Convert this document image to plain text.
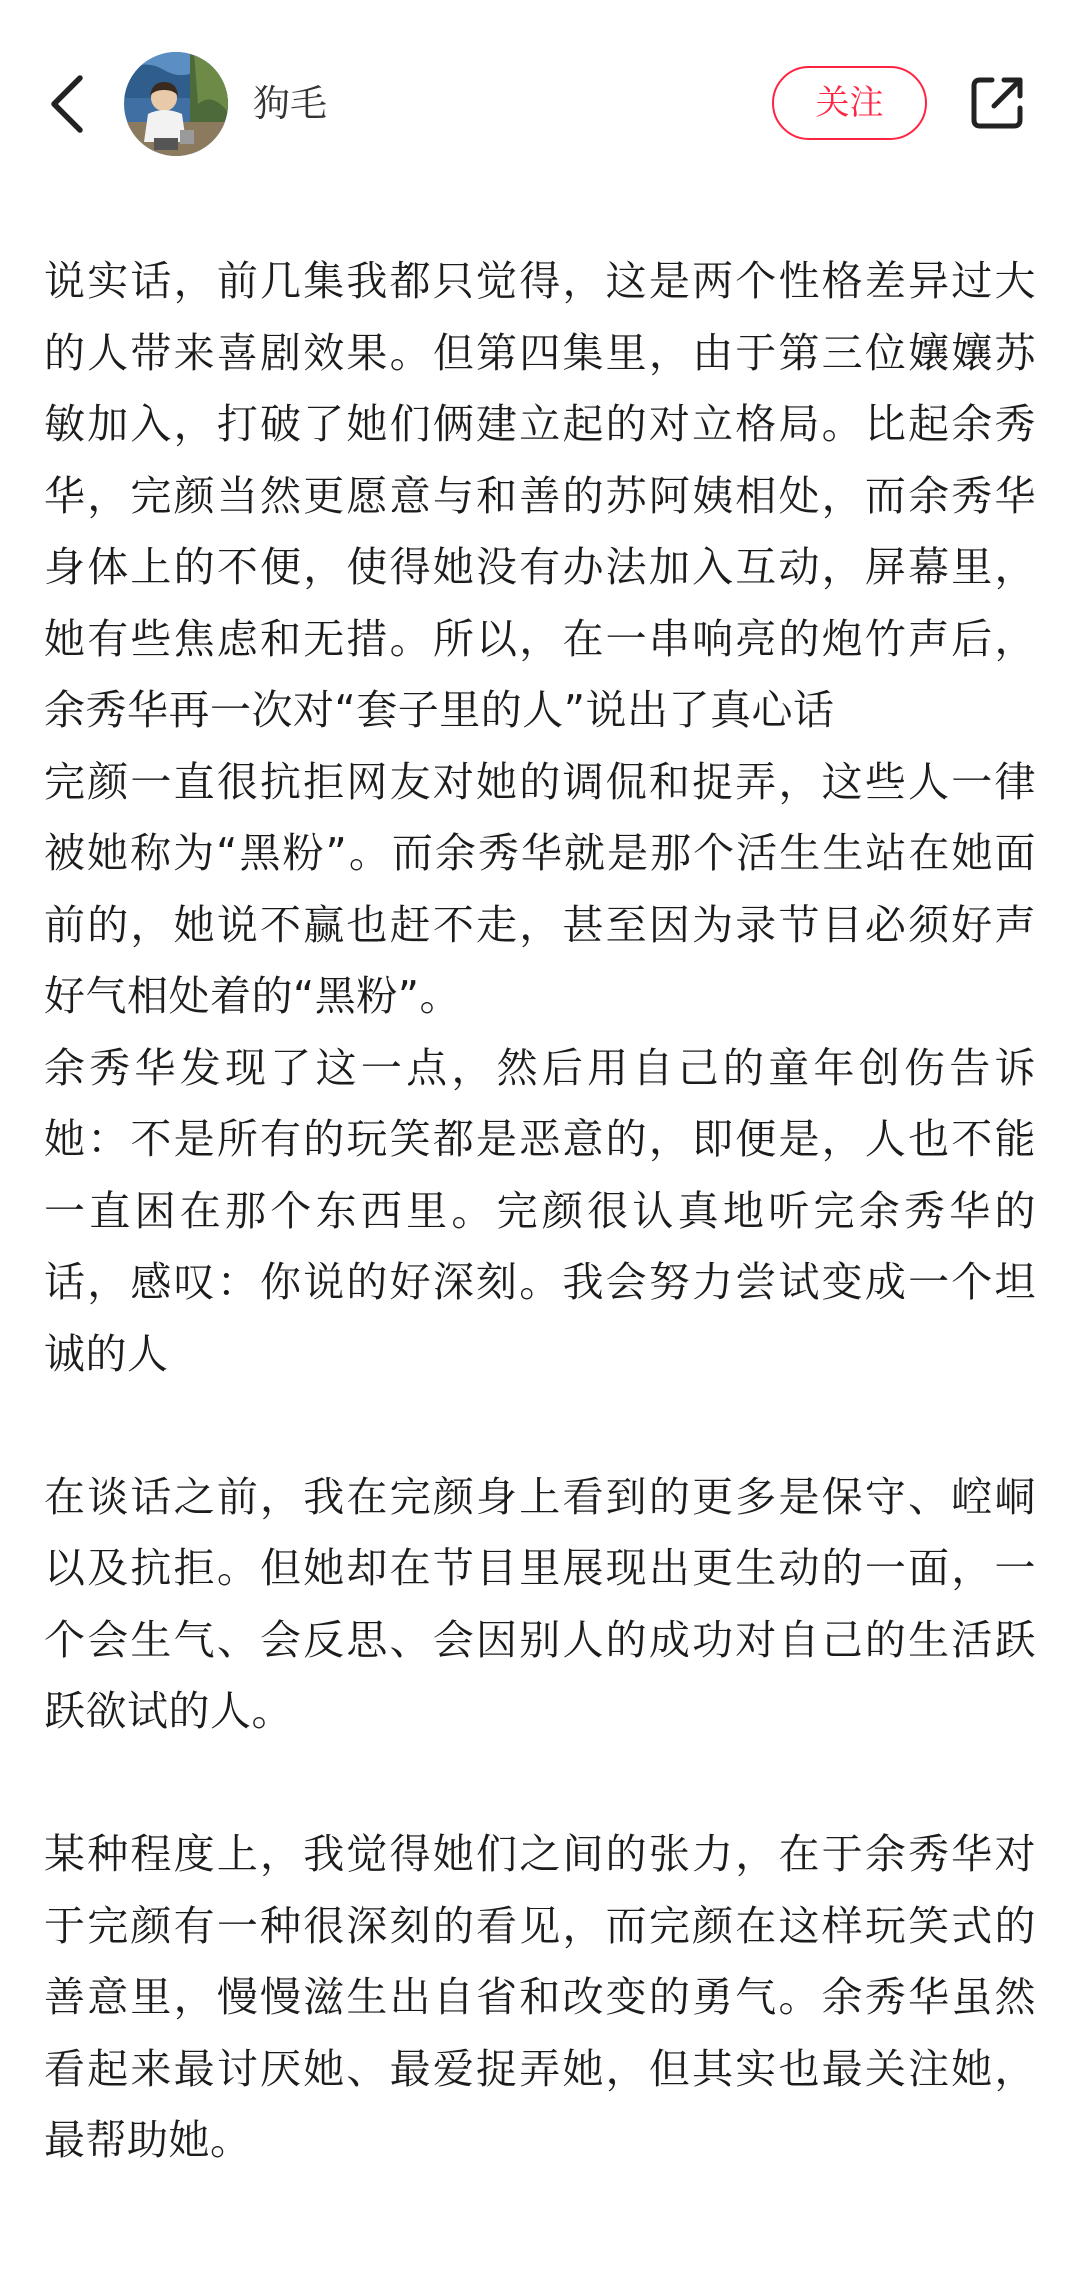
狗毛	关注

说实话，前几集我都只觉得，这是两个性格差异过大的人带来喜剧效果。但第四集里，由于第三位孃孃苏敏加入，打破了她们俩建立起的对立格局。比起余秀华，完颜当然更愿意与和善的苏阿姨相处，而余秀华身体上的不便，使得她没有办法加入互动，屏幕里，她有些焦虑和无措。所以，在一串响亮的炮竹声后，余秀华再一次对“套子里的人”说出了真心话

完颜一直很抗拒网友对她的调侃和捉弄，这些人一律被她称为“黑粉”。而余秀华就是那个活生生站在她面前的，她说不赢也赶不走，甚至因为录节目必须好声好气相处着的“黑粉”。

余秀华发现了这一点，然后用自己的童年创伤告诉她：不是所有的玩笑都是恶意的，即便是，人也不能一直困在那个东西里。完颜很认真地听完余秀华的话，感叹：你说的好深刻。我会努力尝试变成一个坦诚的人

在谈话之前，我在完颜身上看到的更多是保守、崆峒以及抗拒。但她却在节目里展现出更生动的一面，一个会生气、会反思、会因别人的成功对自己的生活跃跃欲试的人。

某种程度上，我觉得她们之间的张力，在于余秀华对于完颜有一种很深刻的看见，而完颜在这样玩笑式的善意里，慢慢滋生出自省和改变的勇气。余秀华虽然看起来最讨厌她、最爱捉弄她，但其实也最关注她，最帮助她。
